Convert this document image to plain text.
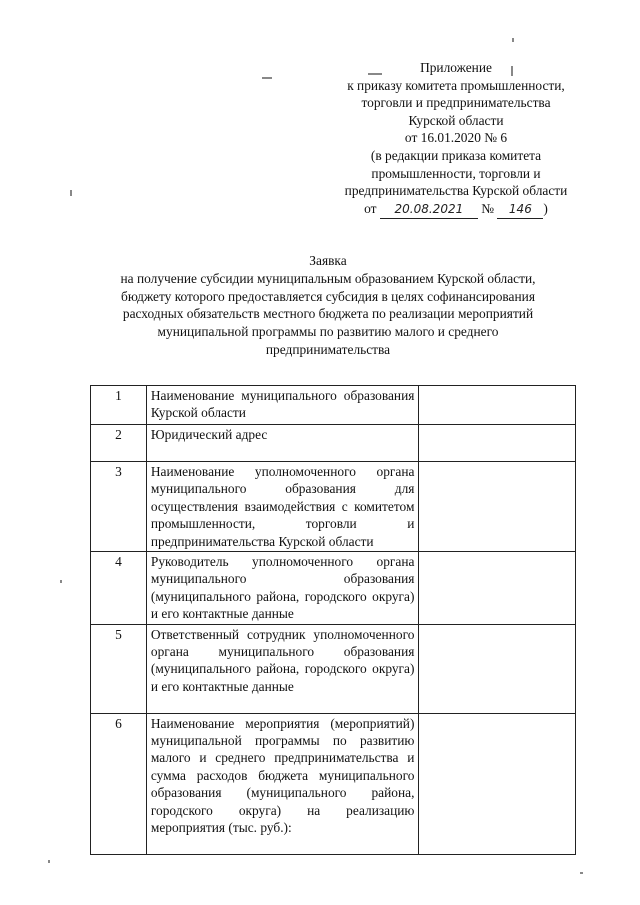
Приложение
к приказу комитета промышленности,
торговли и предпринимательства
Курской области
от 16.01.2020 № 6
(в редакции приказа комитета
промышленности, торговли и
предпринимательства Курской области
от 20.08.2021 № 146 )
Заявка
на получение субсидии муниципальным образованием Курской области,
бюджету которого предоставляется субсидия в целях софинансирования
расходных обязательств местного бюджета по реализации мероприятий
муниципальной программы по развитию малого и среднего
предпринимательства
1	Наименование муниципального образования Курской области	
2	Юридический адрес	
3	Наименование уполномоченного органа муниципального образования для осуществления взаимодействия с комитетом промышленности, торговли и предпринимательства Курской области	
4	Руководитель уполномоченного органа муниципального образования (муниципального района, городского округа) и его контактные данные	
5	Ответственный сотрудник уполномоченного органа муниципального образования (муниципального района, городского округа) и его контактные данные	
6	Наименование мероприятия (мероприятий) муниципальной программы по развитию малого и среднего предпринимательства и сумма расходов бюджета муниципального образования (муниципального района, городского округа) на реализацию мероприятия (тыс. руб.):	
